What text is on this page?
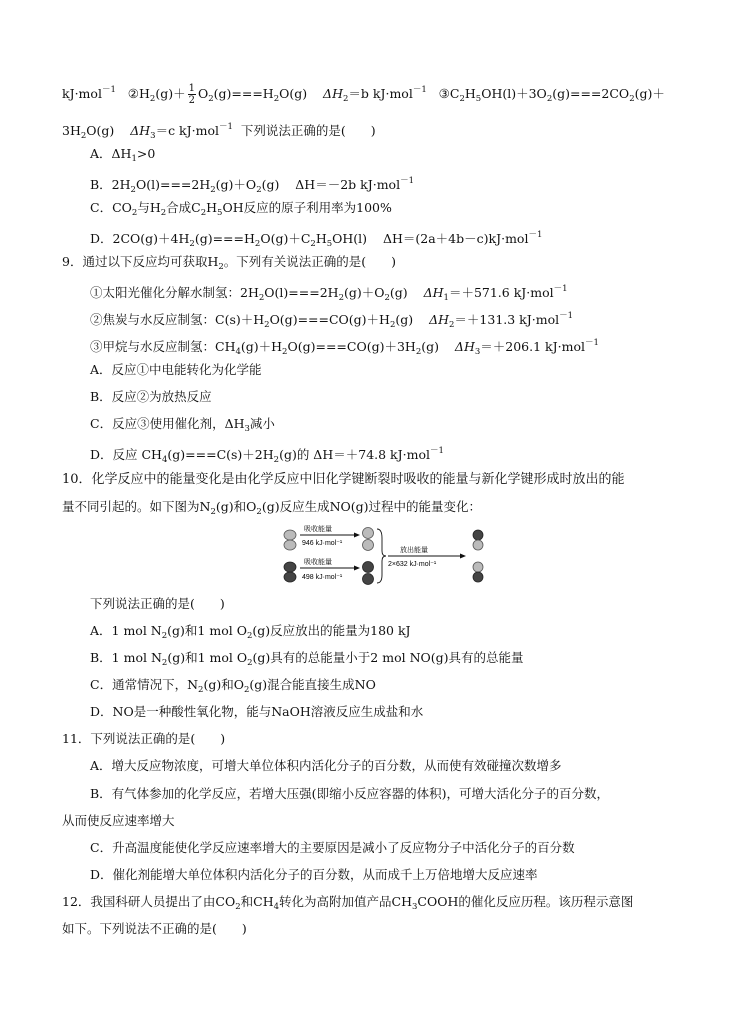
kJ·mol$^{-1}$ $②H_2(g)+ \frac{1}{2} O_2(g)===H_2O(g)$ $\Delta H_2=b$ kJ·mol$^{-1}$ $③C_2H_5OH(l)+3O_2(g)===2CO_2(g)+$
$3H_2O(g)$ $\Delta H_3=c$ kJ·mol$^{-1}$ 下列说法正确的是(　　)
A．$\Delta H_1>0$
B．$2H_2O(l)===2H_2(g)+O_2(g)$ ΔH＝－2b kJ·mol$^{-1}$
C．$CO_2$与$H_2$合成$C_2H_5OH$反应的原子利用率为100%
D．$2CO(g)+4H_2(g)===H_2O(g)+C_2H_5OH(l)$ ΔH＝(2a＋4b－c)kJ·mol$^{-1}$
9．通过以下反应均可获取$H_2$。下列有关说法正确的是(　　)
①太阳光催化分解水制氢：$2H_2O(l)===2H_2(g)+O_2(g)$ $\Delta H_1=+571.6$ kJ·mol$^{-1}$
②焦炭与水反应制氢：$C(s)+H_2O(g)===CO(g)+H_2(g)$ $\Delta H_2=+131.3$ kJ·mol$^{-1}$
③甲烷与水反应制氢：$CH_4(g)+H_2O(g)===CO(g)+3H_2(g)$ $\Delta H_3=+206.1$ kJ·mol$^{-1}$
A．反应①中电能转化为化学能
B．反应②为放热反应
C．反应③使用催化剂，$\Delta H_3$减小
D．反应 $CH_4(g)===C(s)+2H_2(g)$的 ΔH＝＋74.8 kJ·mol$^{-1}$
10．化学反应中的能量变化是由化学反应中旧化学键断裂时吸收的能量与新化学键形成时放出的能
量不同引起的。如下图为$N_2(g)$和$O_2(g)$反应生成NO(g)过程中的能量变化：
吸收能量
946 kJ·mol⁻¹
吸收能量
498 kJ·mol⁻¹
放出能量
2×632 kJ·mol⁻¹
下列说法正确的是(　　)
A．1 mol $N_2(g)$和1 mol $O_2(g)$反应放出的能量为180 kJ
B．1 mol $N_2(g)$和1 mol $O_2(g)$具有的总能量小于2 mol NO(g)具有的总能量
C．通常情况下，$N_2(g)$和$O_2(g)$混合能直接生成NO
D．NO是一种酸性氧化物，能与NaOH溶液反应生成盐和水
11．下列说法正确的是(　　)
A．增大反应物浓度，可增大单位体积内活化分子的百分数，从而使有效碰撞次数增多
B．有气体参加的化学反应，若增大压强(即缩小反应容器的体积)，可增大活化分子的百分数，
从而使反应速率增大
C．升高温度能使化学反应速率增大的主要原因是减小了反应物分子中活化分子的百分数
D．催化剂能增大单位体积内活化分子的百分数，从而成千上万倍地增大反应速率
12．我国科研人员提出了由$CO_2$和$CH_4$转化为高附加值产品$CH_3COOH$的催化反应历程。该历程示意图
如下。下列说法不正确的是(　　)
